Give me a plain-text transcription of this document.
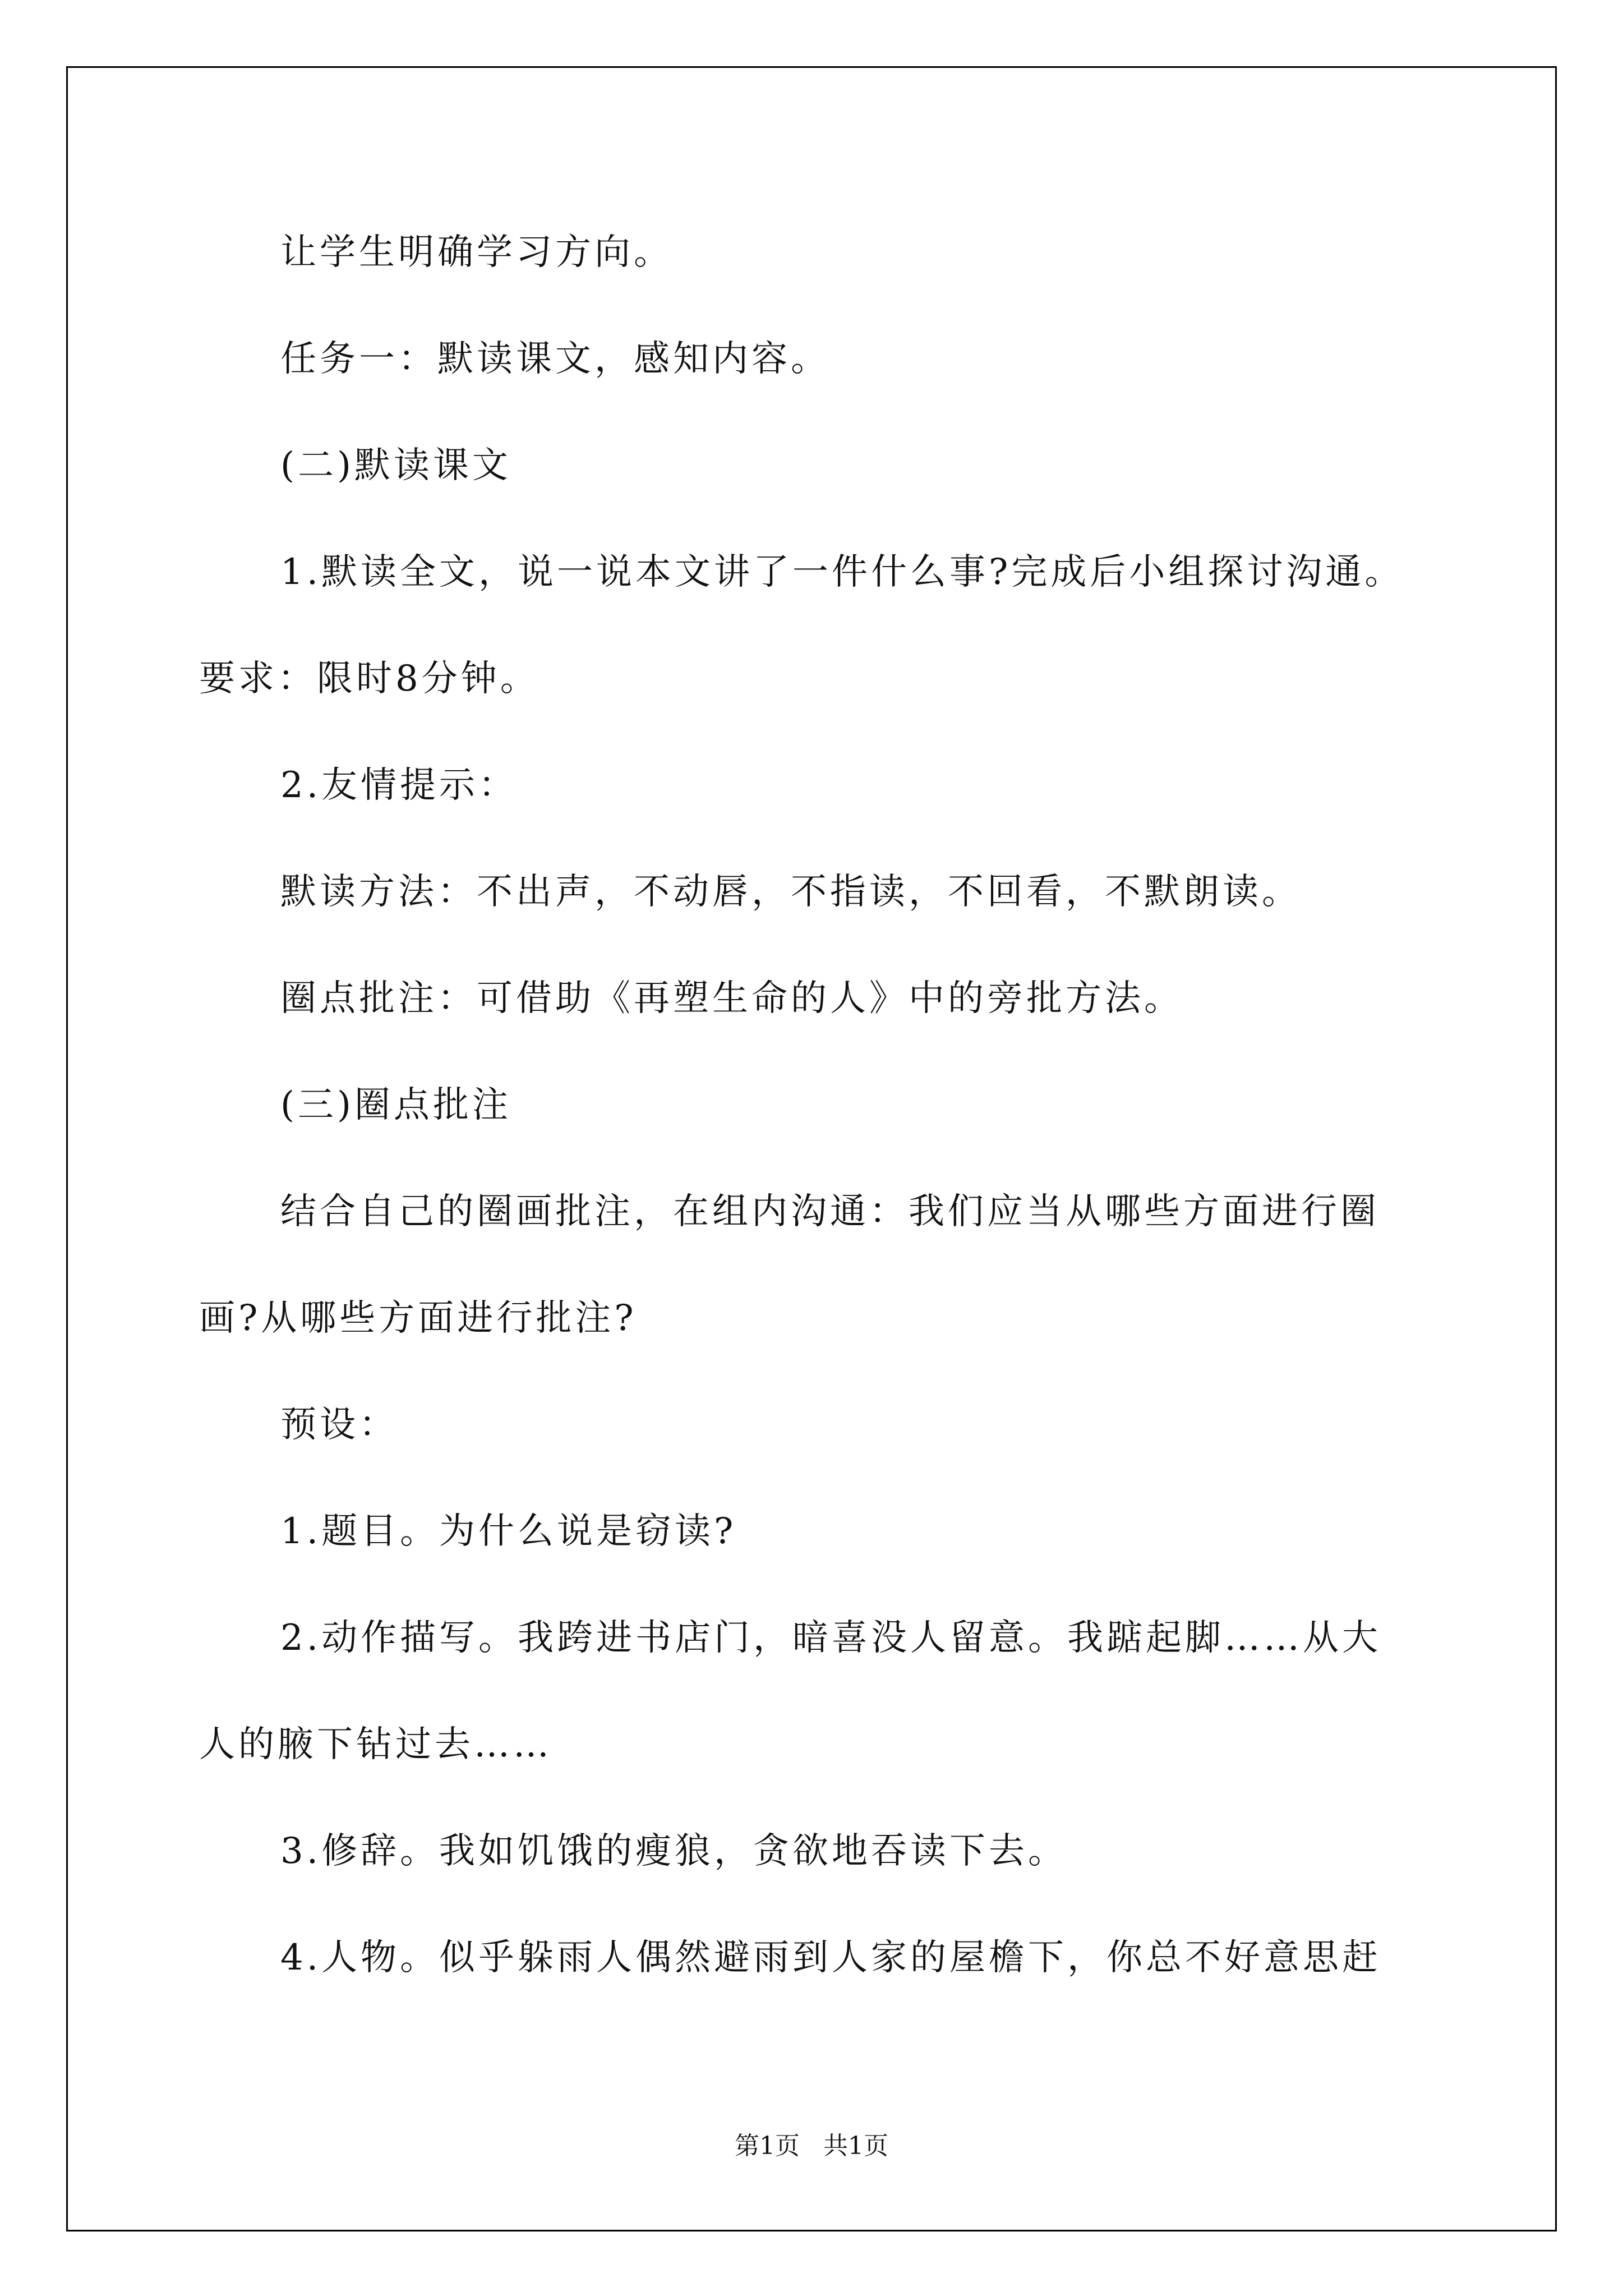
让学生明确学习方向。

任务一：默读课文，感知内容。

(二)默读课文

1.默读全文，说一说本文讲了一件什么事?完成后小组探讨沟通。

要求：限时8分钟。

2.友情提示：

默读方法：不出声，不动唇，不指读，不回看，不默朗读。

圈点批注：可借助《再塑生命的人》中的旁批方法。

(三)圈点批注

结合自己的圈画批注，在组内沟通：我们应当从哪些方面进行圈

画?从哪些方面进行批注?

预设：

1.题目。为什么说是窃读?

2.动作描写。我跨进书店门，暗喜没人留意。我踮起脚……从大

人的腋下钻过去……

3.修辞。我如饥饿的瘦狼，贪欲地吞读下去。

4.人物。似乎躲雨人偶然避雨到人家的屋檐下，你总不好意思赶

第1页   共1页
